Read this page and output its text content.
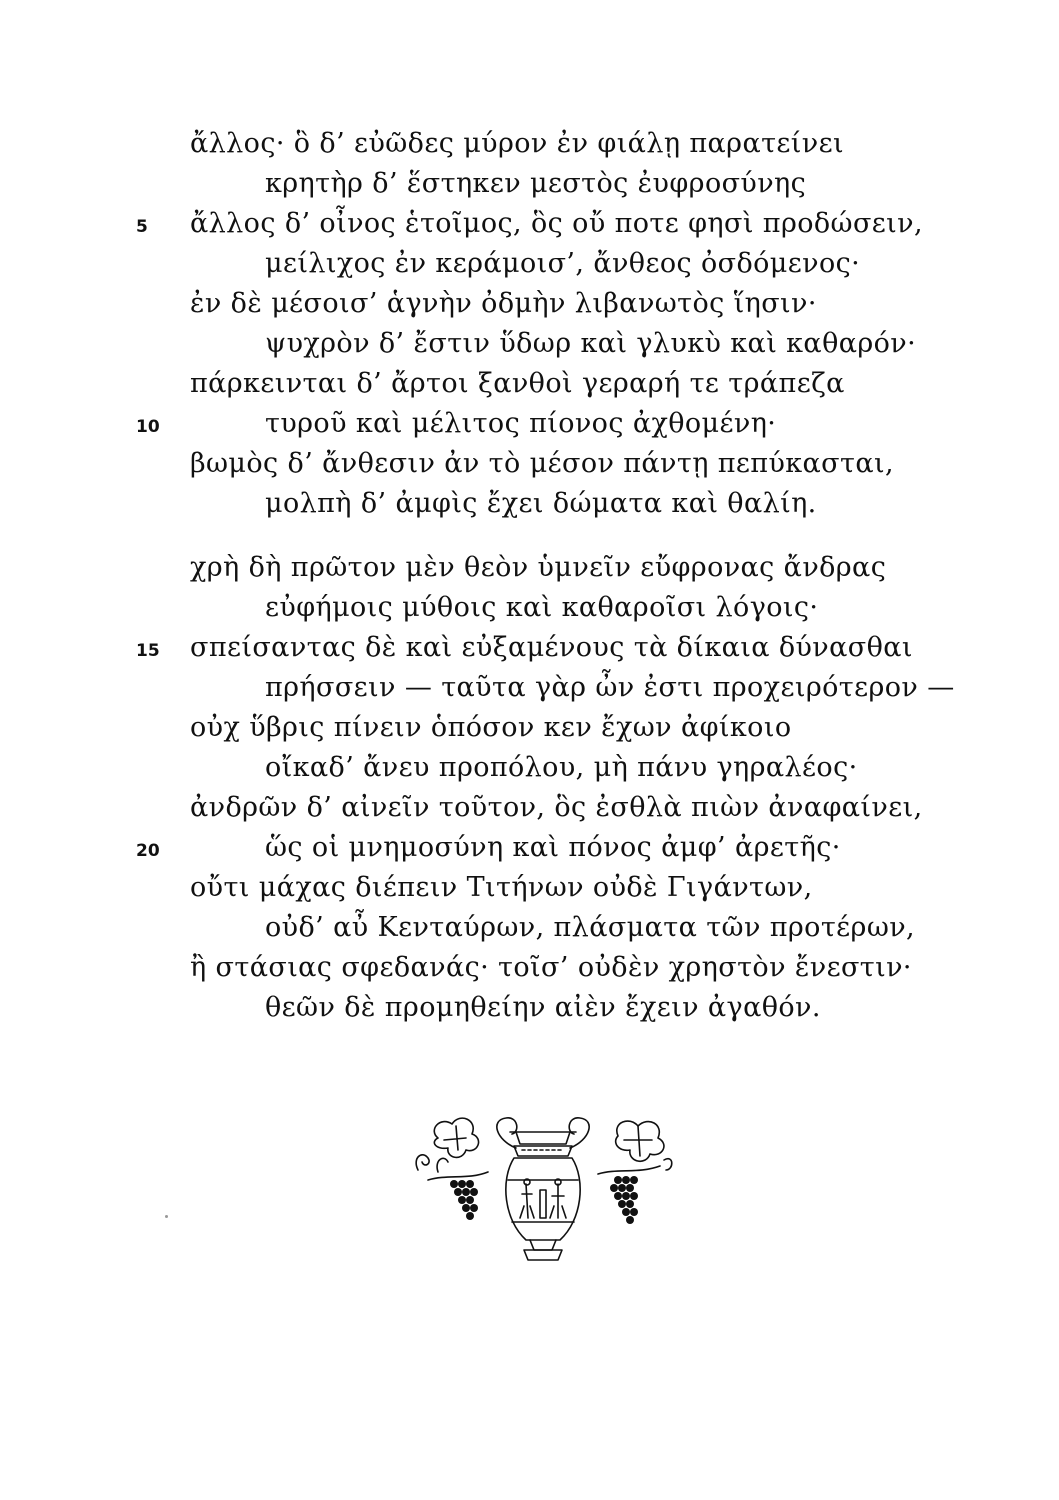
ἄλλος· ὃ δ’ εὐῶδες μύρον ἐν φιάλῃ παρατείνει
κρητὴρ δ’ ἕστηκεν μεστὸς ἐυφροσύνης
5 ἄλλος δ’ οἶνος ἑτοῖμος, ὃς οὔ ποτε φησὶ προδώσειν,
μείλιχος ἐν κεράμοισ’, ἄνθεος ὀσδόμενος·
ἐν δὲ μέσοισ’ ἁγνὴν ὀδμὴν λιβανωτὸς ἵησιν·
ψυχρὸν δ’ ἔστιν ὕδωρ καὶ γλυκὺ καὶ καθαρόν·
πάρκεινται δ’ ἄρτοι ξανθοὶ γεραρή τε τράπεζα
10	τυροῦ καὶ μέλιτος πίονος ἀχθομένη·
βωμὸς δ’ ἄνθεσιν ἀν τὸ μέσον πάντῃ πεπύκασται,
μολπὴ δ’ ἀμφὶς ἔχει δώματα καὶ θαλίη.
χρὴ δὴ πρῶτον μὲν θεὸν ὑμνεῖν εὔφρονας ἄνδρας
εὐφήμοις μύθοις καὶ καθαροῖσι λόγοις·
15 σπείσαντας δὲ καὶ εὐξαμένους τὰ δίκαια δύνασθαι
πρήσσειν — ταῦτα γὰρ ὦν ἐστι προχειρότερον —
οὐχ ὕβρις πίνειν ὁπόσον κεν ἔχων ἀφίκοιο
οἴκαδ’ ἄνευ προπόλου, μὴ πάνυ γηραλέος·
ἀνδρῶν δ’ αἰνεῖν τοῦτον, ὃς ἐσθλὰ πιὼν ἀναφαίνει,
20	ὥς οἱ μνημοσύνη καὶ πόνος ἀμφ’ ἀρετῆς·
οὔτι μάχας διέπειν Τιτήνων οὐδὲ Γιγάντων,
οὐδ’ αὖ Κενταύρων, πλάσματα τῶν προτέρων,
ἢ στάσιας σφεδανάς· τοῖσ’ οὐδὲν χρηστὸν ἔνεστιν·
θεῶν δὲ προμηθείην αἰὲν ἔχειν ἀγαθόν.
